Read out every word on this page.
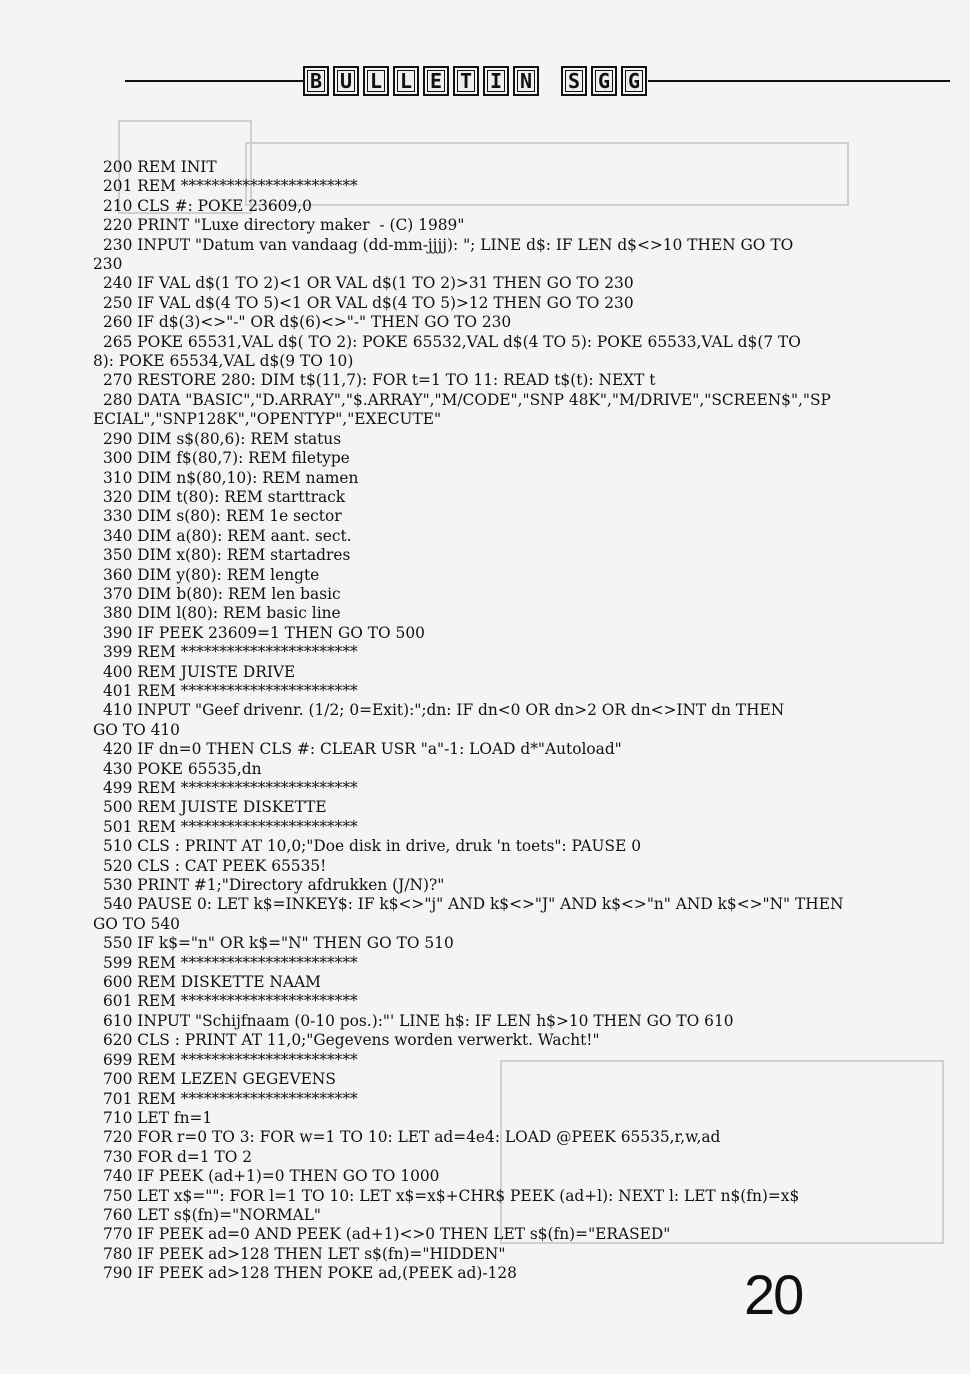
B U L L E T I N	S G G
200 REM INIT
201 REM ***********************
210 CLS #: POKE 23609,0
220 PRINT "Luxe directory maker  - (C) 1989"
230 INPUT "Datum van vandaag (dd-mm-jjjj): "; LINE d$: IF LEN d$<>10 THEN GO TO
230
240 IF VAL d$(1 TO 2)<1 OR VAL d$(1 TO 2)>31 THEN GO TO 230
250 IF VAL d$(4 TO 5)<1 OR VAL d$(4 TO 5)>12 THEN GO TO 230
260 IF d$(3)<>"-" OR d$(6)<>"-" THEN GO TO 230
265 POKE 65531,VAL d$( TO 2): POKE 65532,VAL d$(4 TO 5): POKE 65533,VAL d$(7 TO
8): POKE 65534,VAL d$(9 TO 10)
270 RESTORE 280: DIM t$(11,7): FOR t=1 TO 11: READ t$(t): NEXT t
280 DATA "BASIC","D.ARRAY","$.ARRAY","M/CODE","SNP 48K","M/DRIVE","SCREEN$","SP
ECIAL","SNP128K","OPENTYP","EXECUTE"
290 DIM s$(80,6): REM status
300 DIM f$(80,7): REM filetype
310 DIM n$(80,10): REM namen
320 DIM t(80): REM starttrack
330 DIM s(80): REM 1e sector
340 DIM a(80): REM aant. sect.
350 DIM x(80): REM startadres
360 DIM y(80): REM lengte
370 DIM b(80): REM len basic
380 DIM l(80): REM basic line
390 IF PEEK 23609=1 THEN GO TO 500
399 REM ***********************
400 REM JUISTE DRIVE
401 REM ***********************
410 INPUT "Geef drivenr. (1/2; 0=Exit):";dn: IF dn<0 OR dn>2 OR dn<>INT dn THEN
GO TO 410
420 IF dn=0 THEN CLS #: CLEAR USR "a"-1: LOAD d*"Autoload"
430 POKE 65535,dn
499 REM ***********************
500 REM JUISTE DISKETTE
501 REM ***********************
510 CLS : PRINT AT 10,0;"Doe disk in drive, druk 'n toets": PAUSE 0
520 CLS : CAT PEEK 65535!
530 PRINT #1;"Directory afdrukken (J/N)?"
540 PAUSE 0: LET k$=INKEY$: IF k$<>"j" AND k$<>"J" AND k$<>"n" AND k$<>"N" THEN
GO TO 540
550 IF k$="n" OR k$="N" THEN GO TO 510
599 REM ***********************
600 REM DISKETTE NAAM
601 REM ***********************
610 INPUT "Schijfnaam (0-10 pos.):"' LINE h$: IF LEN h$>10 THEN GO TO 610
620 CLS : PRINT AT 11,0;"Gegevens worden verwerkt. Wacht!"
699 REM ***********************
700 REM LEZEN GEGEVENS
701 REM ***********************
710 LET fn=1
720 FOR r=0 TO 3: FOR w=1 TO 10: LET ad=4e4: LOAD @PEEK 65535,r,w,ad
730 FOR d=1 TO 2
740 IF PEEK (ad+1)=0 THEN GO TO 1000
750 LET x$="": FOR l=1 TO 10: LET x$=x$+CHR$ PEEK (ad+l): NEXT l: LET n$(fn)=x$
760 LET s$(fn)="NORMAL"
770 IF PEEK ad=0 AND PEEK (ad+1)<>0 THEN LET s$(fn)="ERASED"
780 IF PEEK ad>128 THEN LET s$(fn)="HIDDEN"
790 IF PEEK ad>128 THEN POKE ad,(PEEK ad)-128	20
